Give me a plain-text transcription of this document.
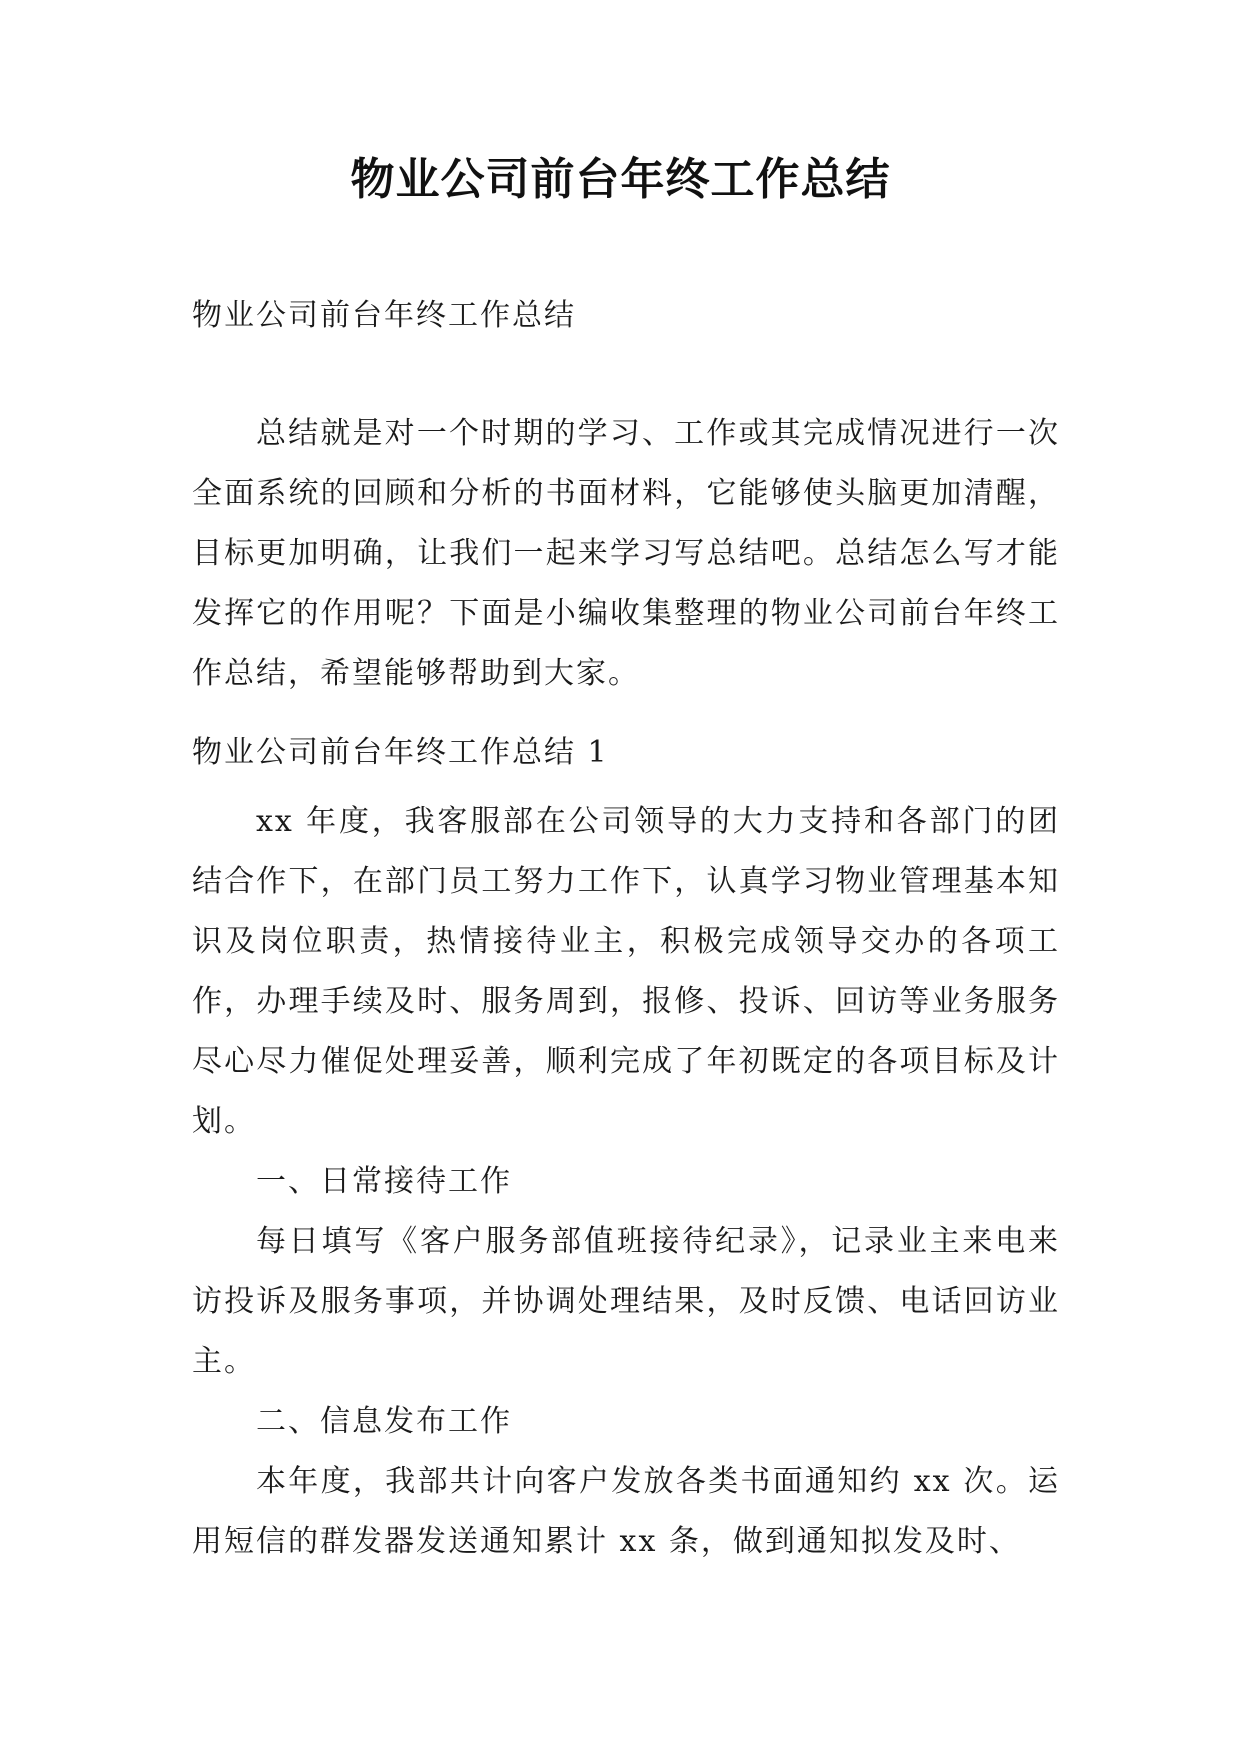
物业公司前台年终工作总结

物业公司前台年终工作总结

总结就是对一个时期的学习、工作或其完成情况进行一次全面系统的回顾和分析的书面材料，它能够使头脑更加清醒，目标更加明确，让我们一起来学习写总结吧。总结怎么写才能发挥它的作用呢？下面是小编收集整理的物业公司前台年终工作总结，希望能够帮助到大家。

物业公司前台年终工作总结 1

xx 年度，我客服部在公司领导的大力支持和各部门的团结合作下，在部门员工努力工作下，认真学习物业管理基本知识及岗位职责，热情接待业主，积极完成领导交办的各项工作，办理手续及时、服务周到，报修、投诉、回访等业务服务尽心尽力催促处理妥善，顺利完成了年初既定的各项目标及计划。

一、日常接待工作

每日填写《客户服务部值班接待纪录》，记录业主来电来访投诉及服务事项，并协调处理结果，及时反馈、电话回访业主。

二、信息发布工作

本年度，我部共计向客户发放各类书面通知约 xx 次。运用短信的群发器发送通知累计 xx 条，做到通知拟发及时、
